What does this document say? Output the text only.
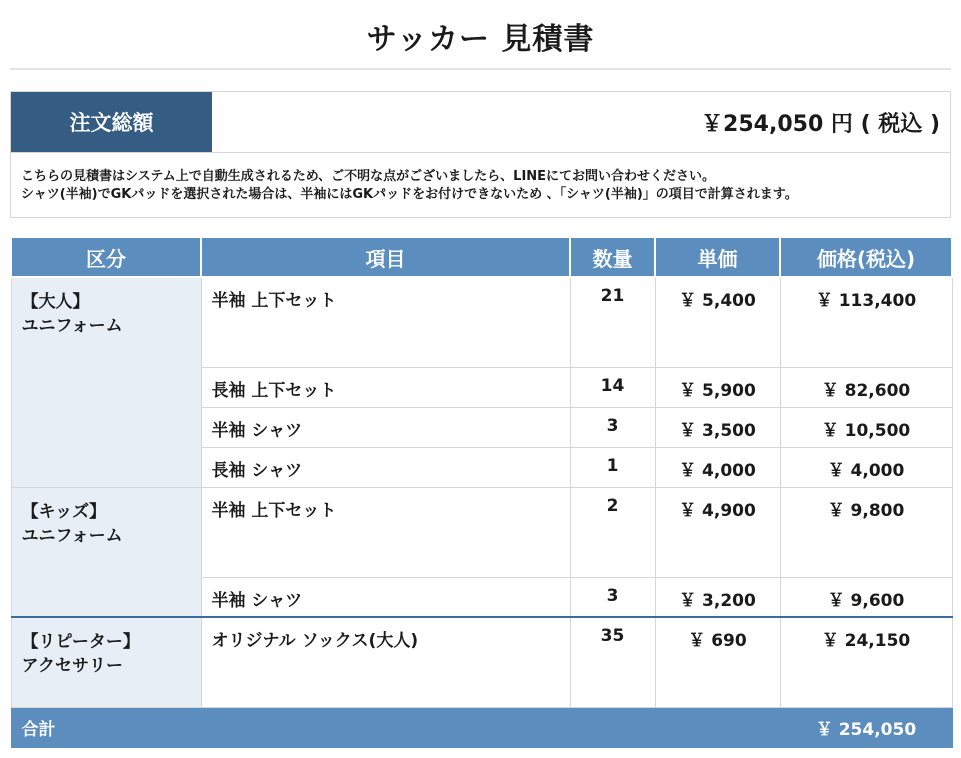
サッカー 見積書
注文総額	￥254,050 円 ( 税込 )
こちらの見積書はシステム上で自動生成されるため、ご不明な点がございましたら、LINEにてお問い合わせください。
シャツ(半袖)でGKパッドを選択された場合は、半袖にはGKパッドをお付けできないため 、「シャツ(半袖)」の項目で計算されます。
区分	項目	数量	単価	価格(税込)

【大人】
ユニフォーム	半袖 上下セット	21	￥ 5,400	￥ 113,400
	長袖 上下セット	14	￥ 5,900	￥ 82,600
	半袖 シャツ	3	￥ 3,500	￥ 10,500
	長袖 シャツ	1	￥ 4,000	￥ 4,000

【キッズ】
ユニフォーム	半袖 上下セット	2	￥ 4,900	￥ 9,800
	半袖 シャツ	3	￥ 3,200	￥ 9,600

【リピーター】
アクセサリー	オリジナル ソックス(大人)	35	￥ 690	￥ 24,150
合計				￥ 254,050
